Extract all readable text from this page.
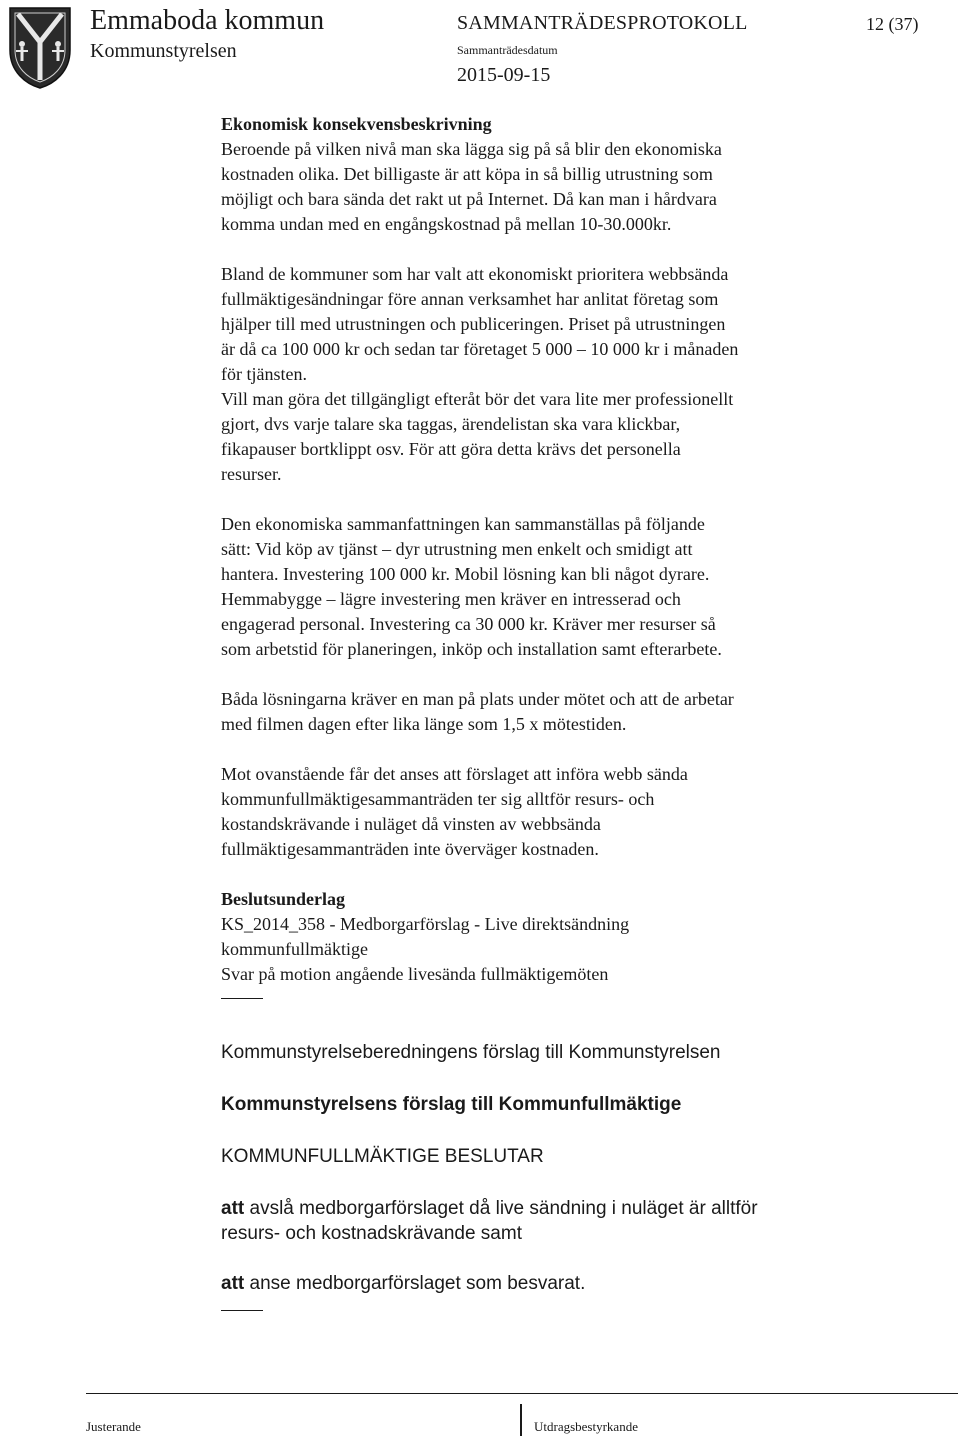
Emmaboda kommun
Kommunstyrelsen
SAMMANTRÄDESPROTOKOLL	12 (37)
Sammanträdesdatum
2015-09-15

Ekonomisk konsekvensbeskrivning

Beroende på vilken nivå man ska lägga sig på så blir den ekonomiska

kostnaden olika. Det billigaste är att köpa in så billig utrustning som

möjligt och bara sända det rakt ut på Internet. Då kan man i hårdvara

komma undan med en engångskostnad på mellan 10-30.000kr.

Bland de kommuner som har valt att ekonomiskt prioritera webbsända

fullmäktigesändningar före annan verksamhet har anlitat företag som

hjälper till med utrustningen och publiceringen. Priset på utrustningen

är då ca 100 000 kr och sedan tar företaget 5 000 – 10 000 kr i månaden

för tjänsten.

Vill man göra det tillgängligt efteråt bör det vara lite mer professionellt

gjort, dvs varje talare ska taggas, ärendelistan ska vara klickbar,

fikapauser bortklippt osv. För att göra detta krävs det personella

resurser.

Den ekonomiska sammanfattningen kan sammanställas på följande

sätt: Vid köp av tjänst – dyr utrustning men enkelt och smidigt att

hantera. Investering 100 000 kr. Mobil lösning kan bli något dyrare.

Hemmabygge – lägre investering men kräver en intresserad och

engagerad personal. Investering ca 30 000 kr. Kräver mer resurser så

som arbetstid för planeringen, inköp och installation samt efterarbete.

Båda lösningarna kräver en man på plats under mötet och att de arbetar

med filmen dagen efter lika länge som 1,5 x mötestiden.

Mot ovanstående får det anses att förslaget att införa webb sända

kommunfullmäktigesammanträden ter sig alltför resurs- och

kostandskrävande i nuläget då vinsten av webbsända

fullmäktigesammanträden inte överväger kostnaden.

Beslutsunderlag

KS_2014_358 - Medborgarförslag - Live direktsändning

kommunfullmäktige

Svar på motion angående livesända fullmäktigemöten

Kommunstyrelseberedningens förslag till Kommunstyrelsen

Kommunstyrelsens förslag till Kommunfullmäktige

KOMMUNFULLMÄKTIGE BESLUTAR

att avslå medborgarförslaget då live sändning i nuläget är alltför

resurs- och kostnadskrävande samt

att anse medborgarförslaget som besvarat.

Justerande	Utdragsbestyrkande
